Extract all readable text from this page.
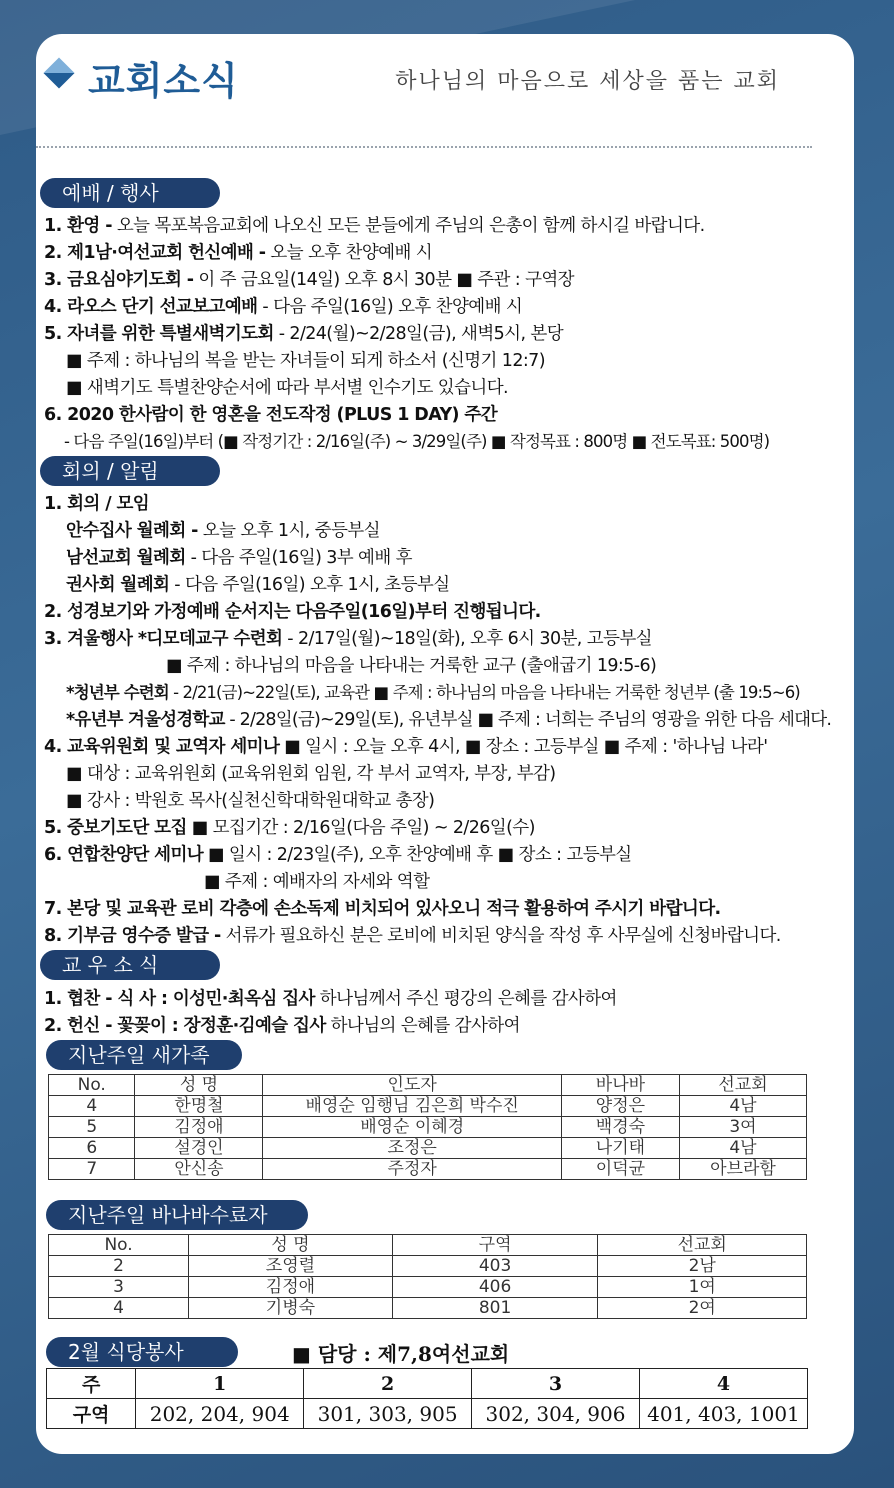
교회소식	하나님의 마음으로 세상을 품는 교회
예배 / 행사
1. 환영 - 오늘 목포복음교회에 나오신 모든 분들에게 주님의 은총이 함께 하시길 바랍니다.
2. 제1남·여선교회 헌신예배 - 오늘 오후 찬양예배 시
3. 금요심야기도회 - 이 주 금요일(14일) 오후 8시 30분 ■ 주관 : 구역장
4. 라오스 단기 선교보고예배 - 다음 주일(16일) 오후 찬양예배 시
5. 자녀를 위한 특별새벽기도회 - 2/24(월)~2/28일(금), 새벽5시, 본당
■ 주제 : 하나님의 복을 받는 자녀들이 되게 하소서 (신명기 12:7)
■ 새벽기도 특별찬양순서에 따라 부서별 인수기도 있습니다.
6. 2020 한사람이 한 영혼을 전도작정 (PLUS 1 DAY) 주간
- 다음 주일(16일)부터 (■ 작정기간 : 2/16일(주) ~ 3/29일(주) ■ 작정목표 : 800명 ■ 전도목표: 500명)
회의 / 알림
1. 회의 / 모임
안수집사 월례회 - 오늘 오후 1시, 중등부실
남선교회 월례회 - 다음 주일(16일) 3부 예배 후
권사회 월례회 - 다음 주일(16일) 오후 1시, 초등부실
2. 성경보기와 가정예배 순서지는 다음주일(16일)부터 진행됩니다.
3. 겨울행사 *디모데교구 수련회 - 2/17일(월)~18일(화), 오후 6시 30분, 고등부실
■ 주제 : 하나님의 마음을 나타내는 거룩한 교구 (출애굽기 19:5-6)
*청년부 수련회 - 2/21(금)~22일(토), 교육관 ■ 주제 : 하나님의 마음을 나타내는 거룩한 청년부 (출 19:5~6)
*유년부 겨울성경학교 - 2/28일(금)~29일(토), 유년부실 ■ 주제 : 너희는 주님의 영광을 위한 다음 세대다.
4. 교육위원회 및 교역자 세미나 ■ 일시 : 오늘 오후 4시, ■ 장소 : 고등부실 ■ 주제 : '하나님 나라'
■ 대상 : 교육위원회 (교육위원회 임원, 각 부서 교역자, 부장, 부감)
■ 강사 : 박원호 목사(실천신학대학원대학교 총장)
5. 중보기도단 모집 ■ 모집기간 : 2/16일(다음 주일) ~ 2/26일(수)
6. 연합찬양단 세미나 ■ 일시 : 2/23일(주), 오후 찬양예배 후 ■ 장소 : 고등부실
■ 주제 : 예배자의 자세와 역할
7. 본당 및 교육관 로비 각층에 손소독제 비치되어 있사오니 적극 활용하여 주시기 바랍니다.
8. 기부금 영수증 발급 - 서류가 필요하신 분은 로비에 비치된 양식을 작성 후 사무실에 신청바랍니다.
교 우 소 식
1. 협찬 - 식 사 : 이성민·최옥심 집사 하나님께서 주신 평강의 은혜를 감사하여
2. 헌신 - 꽃꽂이 : 장정훈·김예슬 집사 하나님의 은혜를 감사하여
지난주일 새가족
No.	성 명	인도자	바나바	선교회
4	한명철	배영순 임행님 김은희 박수진	양정은	4남
5	김정애	배영순 이혜경	백경숙	3여
6	설경인	조정은	나기태	4남
7	안신송	주정자	이덕균	아브라함
지난주일 바나바수료자
No.	성 명	구역	선교회
2	조영렬	403	2남
3	김정애	406	1여
4	기병숙	801	2여
2월 식당봉사	■ 담당 : 제7,8여선교회
주	1	2	3	4
구역	202, 204, 904	301, 303, 905	302, 304, 906	401, 403, 1001
